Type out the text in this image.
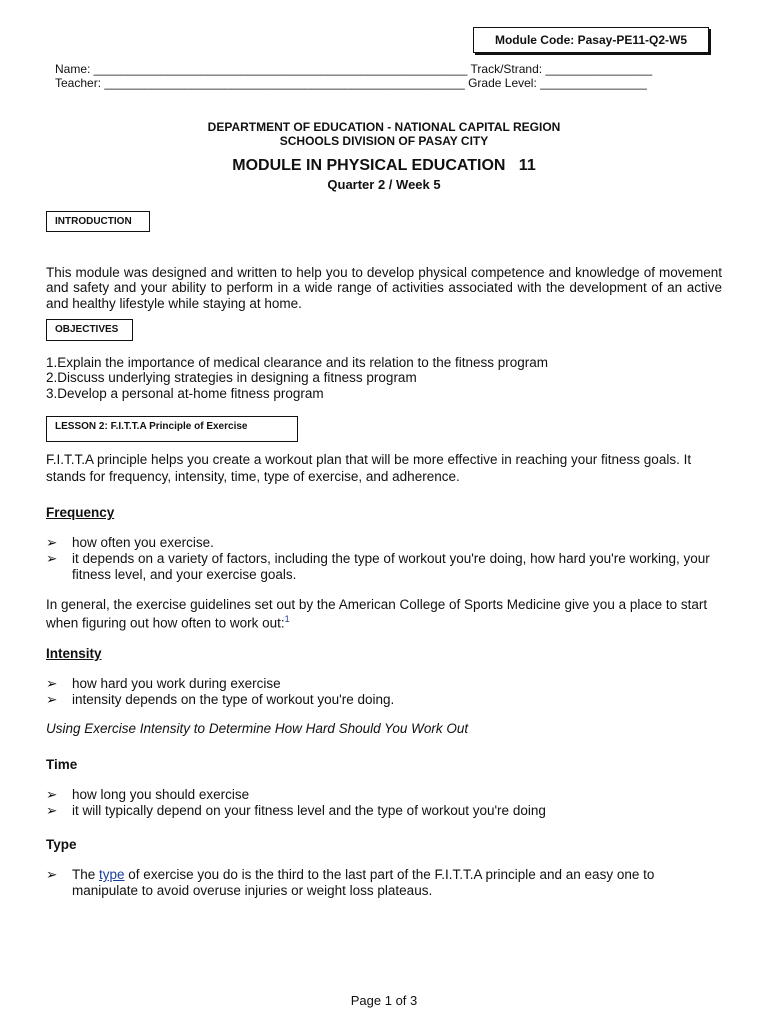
Module Code: Pasay-PE11-Q2-W5
Name: ________________________________________________________ Track/Strand: ________________
Teacher: ______________________________________________________ Grade Level: ________________
DEPARTMENT OF EDUCATION - NATIONAL CAPITAL REGION
SCHOOLS DIVISION OF PASAY CITY
MODULE IN PHYSICAL EDUCATION   11
Quarter 2 / Week 5
INTRODUCTION
This module was designed and written to help you to develop physical competence and knowledge of movement and safety and your ability to perform in a wide range of activities associated with the development of an active and healthy lifestyle while staying at home.
OBJECTIVES
1.Explain the importance of medical clearance and its relation to the fitness program
2.Discuss underlying strategies in designing a fitness program
3.Develop a personal at-home fitness program
LESSON 2: F.I.T.T.A Principle of Exercise
F.I.T.T.A principle helps you create a workout plan that will be more effective in reaching your fitness goals. It stands for frequency, intensity, time, type of exercise, and adherence.
Frequency
➢ how often you exercise.
➢ it depends on a variety of factors, including the type of workout you're doing, how hard you're working, your fitness level, and your exercise goals.
In general, the exercise guidelines set out by the American College of Sports Medicine give you a place to start when figuring out how often to work out:$^1$
Intensity
➢ how hard you work during exercise
➢ intensity depends on the type of workout you're doing.
Using Exercise Intensity to Determine How Hard Should You Work Out
Time
➢ how long you should exercise
➢ it will typically depend on your fitness level and the type of workout you're doing
Type
➢ The type of exercise you do is the third to the last part of the F.I.T.T.A principle and an easy one to manipulate to avoid overuse injuries or weight loss plateaus.
Page 1 of 3
